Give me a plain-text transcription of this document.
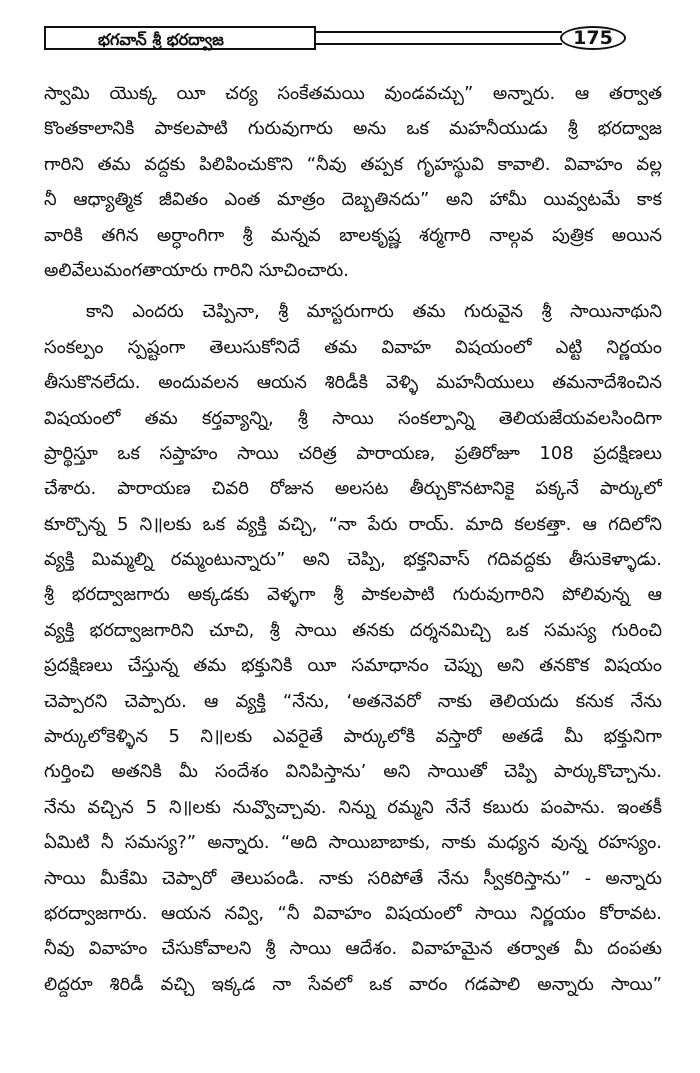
భగవాన్ శ్రీ భరద్వాజ	175
స్వామి యొక్క యీ చర్య సంకేతమయి వుండవచ్చు” అన్నారు. ఆ తర్వాత
కొంతకాలానికి పాకలపాటి గురువుగారు అను ఒక మహనీయుడు శ్రీ భరద్వాజ
గారిని తమ వద్దకు పిలిపించుకొని “నీవు తప్పక గృహస్థువి కావాలి. వివాహం వల్ల
నీ ఆధ్యాత్మిక జీవితం ఎంత మాత్రం దెబ్బతినదు” అని హామీ యివ్వటమే కాక
వారికి తగిన అర్ధాంగిగా శ్రీ మన్నవ బాలకృష్ణ శర్మగారి నాల్గవ పుత్రిక అయిన
అలివేలుమంగతాయారు గారిని సూచించారు.
కాని ఎందరు చెప్పినా, శ్రీ మాస్టరుగారు తమ గురువైన శ్రీ సాయినాథుని
సంకల్పం స్పష్టంగా తెలుసుకోనిదే తమ వివాహ విషయంలో ఎట్టి నిర్ణయం
తీసుకొనలేదు. అందువలన ఆయన శిరిడీకి వెళ్ళి మహనీయులు తమనాదేశించిన
విషయంలో తమ కర్తవ్యాన్ని, శ్రీ సాయి సంకల్పాన్ని తెలియజేయవలసిందిగా
ప్రార్థిస్తూ ఒక సప్తాహం సాయి చరిత్ర పారాయణ, ప్రతిరోజూ 108 ప్రదక్షిణలు
చేశారు. పారాయణ చివరి రోజున అలసట తీర్చుకొనటానికై పక్కనే పార్కులో
కూర్చొన్న 5 ని॥లకు ఒక వ్యక్తి వచ్చి, “నా పేరు రాయ్. మాది కలకత్తా. ఆ గదిలోని
వ్యక్తి మిమ్మల్ని రమ్మంటున్నారు” అని చెప్పి, భక్తనివాస్ గదివద్దకు తీసుకెళ్ళాడు.
శ్రీ భరద్వాజగారు అక్కడకు వెళ్ళగా శ్రీ పాకలపాటి గురువుగారిని పోలివున్న ఆ
వ్యక్తి భరద్వాజగారిని చూచి, శ్రీ సాయి తనకు దర్శనమిచ్చి ఒక సమస్య గురించి
ప్రదక్షిణలు చేస్తున్న తమ భక్తునికి యీ సమాధానం చెప్పు అని తనకొక విషయం
చెప్పారని చెప్పారు. ఆ వ్యక్తి “నేను, ‘అతనెవరో నాకు తెలియదు కనుక నేను
పార్కులోకెళ్ళిన 5 ని॥లకు ఎవరైతే పార్కులోకి వస్తారో అతడే మీ భక్తునిగా
గుర్తించి అతనికి మీ సందేశం వినిపిస్తాను’ అని సాయితో చెప్పి పార్కుకొచ్చాను.
నేను వచ్చిన 5 ని॥లకు నువ్వొచ్చావు. నిన్ను రమ్మని నేనే కబురు పంపాను. ఇంతకీ
ఏమిటి నీ సమస్య?” అన్నారు. “అది సాయిబాబాకు, నాకు మధ్యన వున్న రహస్యం.
సాయి మీకేమి చెప్పారో తెలుపండి. నాకు సరిపోతే నేను స్వీకరిస్తాను” - అన్నారు
భరద్వాజగారు. ఆయన నవ్వి, “నీ వివాహం విషయంలో సాయి నిర్ణయం కోరావట.
నీవు వివాహం చేసుకోవాలని శ్రీ సాయి ఆదేశం. వివాహమైన తర్వాత మీ దంపతు
లిద్దరూ శిరిడీ వచ్చి ఇక్కడ నా సేవలో ఒక వారం గడపాలి అన్నారు సాయి”
